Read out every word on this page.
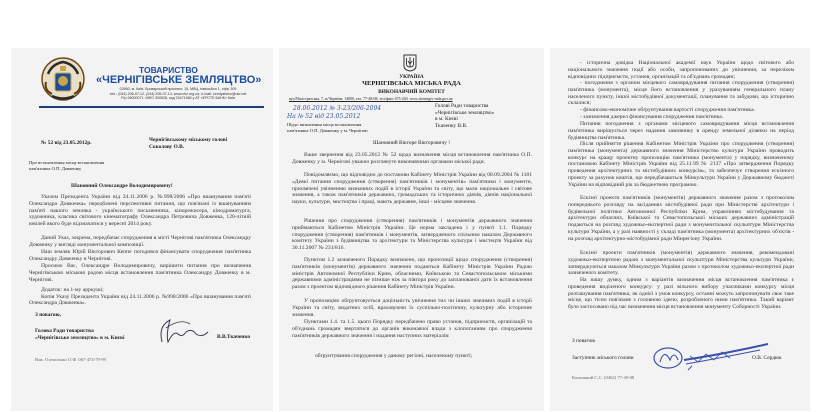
ТОВАРИСТВО
«ЧЕРНІГІВСЬКЕ ЗЕМЛЯЦТВО»
02660, м. Київ, Броварський проспект, 15, МВЦ, павільйон 1, офіс 309
тел.: (044) 206-07-12, (044) 206-07-14, www.chz.org.ua, e-mail: zemlyatstvo@ukr.net
Р/р 26000071, МФО 300528, код 23471960 у АТ «ЕРСТЕ БАНК» Київ
№ 52 від 23.05.2012р.	Чернігівському міському голові
Соколову О.В.
Про встановлення місця встановлення
пам'ятника О.П. Довженку
Шановний Олександре Володимировичу!
Указом Президента України від 24.11.2006 р. №998/2006 «Про вшанування пам'яті Олександра Довженка» передбачені перспективні питання, що пов'язані із вшануванням пам'яті нашого земляка - українського письменника, кінорежисера, кінодраматурга, художника, класика світового кінематографу Олександра Петровича Довженка, 120-літній ювілей якого буде відзначатися у вересні 2014 року.
Даний Указ, зокрема, передбачає спорудження в місті Чернігові пам'ятника Олександру Довженку у вигляді монументальної композиції.
Наш земляк Юрій Вікторович Кеппе погодився фінансувати спорудження пам'ятника Олександру Довженку в Чернігові.
Просимо Вас, Олександре Володимировичу, вирішити питання про визначення Чернігівською міською радою місця встановлення пам'ятника Олександру Довженку в м. Чернігові.
Додаток: на 1-му арркуші;
Копія Указу Президента України від 24.11.2006 р. №998/2006 «Про вшанування пам'яті Олександра Довженка».
З повагою,
Голова Ради товариства
«Чернігівське земляцтво» в м. Києві	В.В.Ткаченко
Вик. Олексієнко О.Ф. 067-474-79-99
УКРАЇНА
ЧЕРНІГІВСЬКА МІСЬКА РАДА
ВИКОНАВЧИЙ КОМІТЕТ
вул.Магістратська, 7, м.Чернігів, 14000, тел. 77-48-08, тел/факс 675-240, www.chernigiv-rada.gov.ua
28.06.2012 № 3-23/206-2094
На № 52 від 23.05.2012
Щодо визначення місця встановлення
пам'ятника О.П. Довженку у м. Чернігові
Голові Ради товариства
«Чернігівське земляцтво»
в м. Києві
Ткаченку В.В.
Шановний Вікторе Вікторовичу !
Ваше звернення від 23.05.2012 № 52 щодо визначення місця встановлення пам'ятника О.П. Довженку у м. Чернігові уважно розглянуте виконавчими органами міської ради.
Повідомляємо, що відповідно до постанови Кабінету Міністрів України від 08.09.2004 № 1181 «Деякі питання спорудження (створення) пам'ятників і монументів» пам'ятники і монументи, присвячені увічненню визначних подій в історії України та світу, що мали національне і світове значення, а також пам'ятників державних, громадських та історичних діячів, діячів національної науки, культури, мистецтва і праці, мають державне, інші - місцеве значення.
Рішення про спорудження (створення) пам'ятників і монументів державного значення приймаються Кабінетом Міністрів України. Це норма закладена і у пункті 1.1. Порядку спорудження (створення) пам'ятників і монументів, затвердженого спільним наказом Державного комітету України з будівництва та архітектури та Міністерства культури і мистецтв України від 30.11.2007 № 231/816.
Пунктом 1.2 зазначеного Порядку визначено, що пропозиції щодо спорудження (створення) пам'ятників (монументів) державного значення подаються Кабінету Міністрів України Радою міністрів Автономної Республіки Крим, обласними, Київською та Севастопольською міськими державними адміністраціями не пізніше ніж за півтора року до запланованої дати їх встановлення разом з проектом відповідного рішення Кабінету Міністрів України.
У пропозиціях обґрунтовується доцільність увічнення тих чи інших значимих подій в історії України та світу, видатних осіб, враховуючи їх суспільно-політичну, культурну або історичне значення.
Пунктами 1.4. та 1.5. цього Порядку передбачено право установ, підприємств, організацій та об'єднань громадян звертатися до органів виконавчої влади з клопотанням про спорудження пам'ятників державного значення і надання наступних матеріалів:
обґрунтування спорудження у даному регіоні, населеному пункті;
- історична довідка Національної академії наук України щодо світового або національного значення події або особи, запропонованих до увічнення, за переліком відповідних підприємств, установ, організацій та об'єднань громадян;
- погодження з органом місцевого самоврядування питання спорудження (створення) пам'ятника (монумента), місця його встановлення у урахуванням генерального плану населеного пункту, іншої містобудівної документації, планування та забудови, що історично склалися;
- фінансово-економічне обґрунтування вартості спорудження пам'ятника.
- зазначення джерел фінансування спорудження пам'ятника.
Питання погодження з органами місцевого самоврядування місця встановлення пам'ятника вирішується через надання замовнику в оренду земельної ділянки на період будівництва пам'ятника.
Після прийняття рішення Кабінетом Міністрів України про спорудження (створення) пам'ятника (монумента) державного значення Міністерство культури України проводить конкурс на кращу проектну пропозицію пам'ятника (монумента) у порядку, визначеному постановою Кабінету Міністрів України від 25.11.99 № 2137 «Про затвердження Порядку проведення архітектурних та містобудівних конкурсів», та забезпечує створення ескізного проекту за рахунок коштів, що передбачаються Мінкультури України у Державному бюджеті України на відповідний рік за бюджетною програмою.
Ескізні проекти пам'ятників (монументів) державного значення разом з протоколом попереднього розгляду на засіданнях містобудівної ради при Міністерстві архітектури і будівельної політики Автономної Республіки Крим, управліннях містобудування та архітектури обласних, Київської та Севастопольської міських державних адміністрацій подаються на розгляд художньо-експертної ради з монументальної скульптури Міністерства культури України, а у разі наявності у складі пам'ятника (монумента) архітектурних об'єктів - на розгляд архітектурно-містобудівної ради Мінрегіону України.
Ескізні проекти пам'ятників (монументів) державного значення, рекомендовані художньо-експертною радою з монументальної скульптури Міністерства культури України, затверджуються наказом Мінкультури України разом з протоколом художньо-експертної ради зазначеного комітету.
На нашу думку, одним з варіантів визначення місця встановлення пам'ятника є проведення виділеного конкурсу: у разі вільного вибору учасниками конкурсу місця розташування пам'ятника, як однієї з умов конкурсу, останні можуть запропонувати своє таке місце, що тісно пов'язане з головною ідеєю, розробленого ними пам'ятника. Такий варіант було застосовано під час визначення місця встановлення монументу Соборності України.
З повагою
Заступник міського голови	О.В. Сердюк
Калюжний С.С. (0462) 77-49-08
